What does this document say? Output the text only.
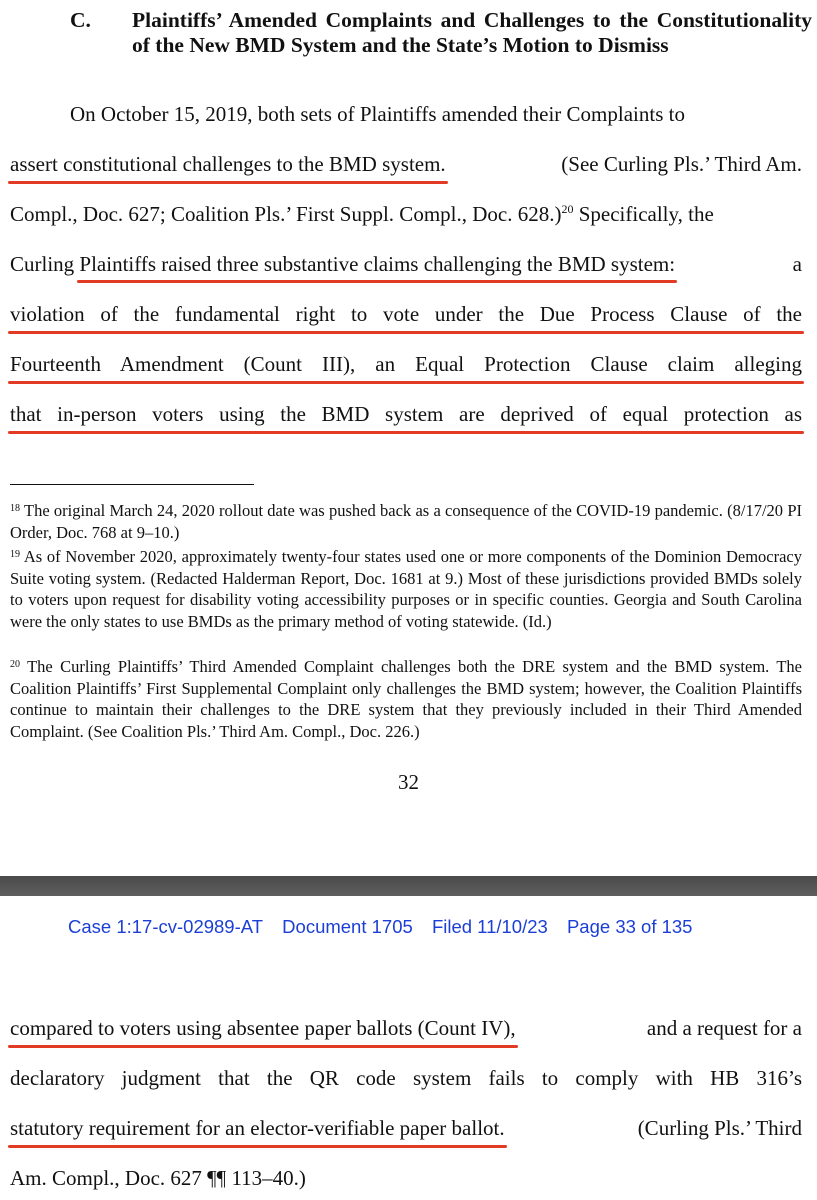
C. Plaintiffs’ Amended Complaints and Challenges to the Constitutionality of the New BMD System and the State’s Motion to Dismiss
On October 15, 2019, both sets of Plaintiffs amended their Complaints to
assert constitutional challenges to the BMD system.	(See Curling Pls.’ Third Am.
Compl., Doc. 627; Coalition Pls.’ First Suppl. Compl., Doc. 628.)$^{20}$ Specifically, the
Curling Plaintiffs raised three substantive claims challenging the BMD system:	a
violation of the fundamental right to vote under the Due Process Clause of the
Fourteenth Amendment (Count III), an Equal Protection Clause claim alleging
that in-person voters using the BMD system are deprived of equal protection as

$^{18}$ The original March 24, 2020 rollout date was pushed back as a consequence of the COVID-19 pandemic. (8/17/20 PI Order, Doc. 768 at 9–10.)

$^{19}$ As of November 2020, approximately twenty-four states used one or more components of the Dominion Democracy Suite voting system. (Redacted Halderman Report, Doc. 1681 at 9.) Most of these jurisdictions provided BMDs solely to voters upon request for disability voting accessibility purposes or in specific counties. Georgia and South Carolina were the only states to use BMDs as the primary method of voting statewide. (Id.)

$^{20}$ The Curling Plaintiffs’ Third Amended Complaint challenges both the DRE system and the BMD system. The Coalition Plaintiffs’ First Supplemental Complaint only challenges the BMD system; however, the Coalition Plaintiffs continue to maintain their challenges to the DRE system that they previously included in their Third Amended Complaint. (See Coalition Pls.’ Third Am. Compl., Doc. 226.)

32
Case 1:17-cv-02989-AT Document 1705 Filed 11/10/23 Page 33 of 135
compared to voters using absentee paper ballots (Count IV),	and a request for a
declaratory judgment that the QR code system fails to comply with HB 316’s
statutory requirement for an elector-verifiable paper ballot.	(Curling Pls.’ Third
Am. Compl., Doc. 627 ¶¶ 113–40.)
